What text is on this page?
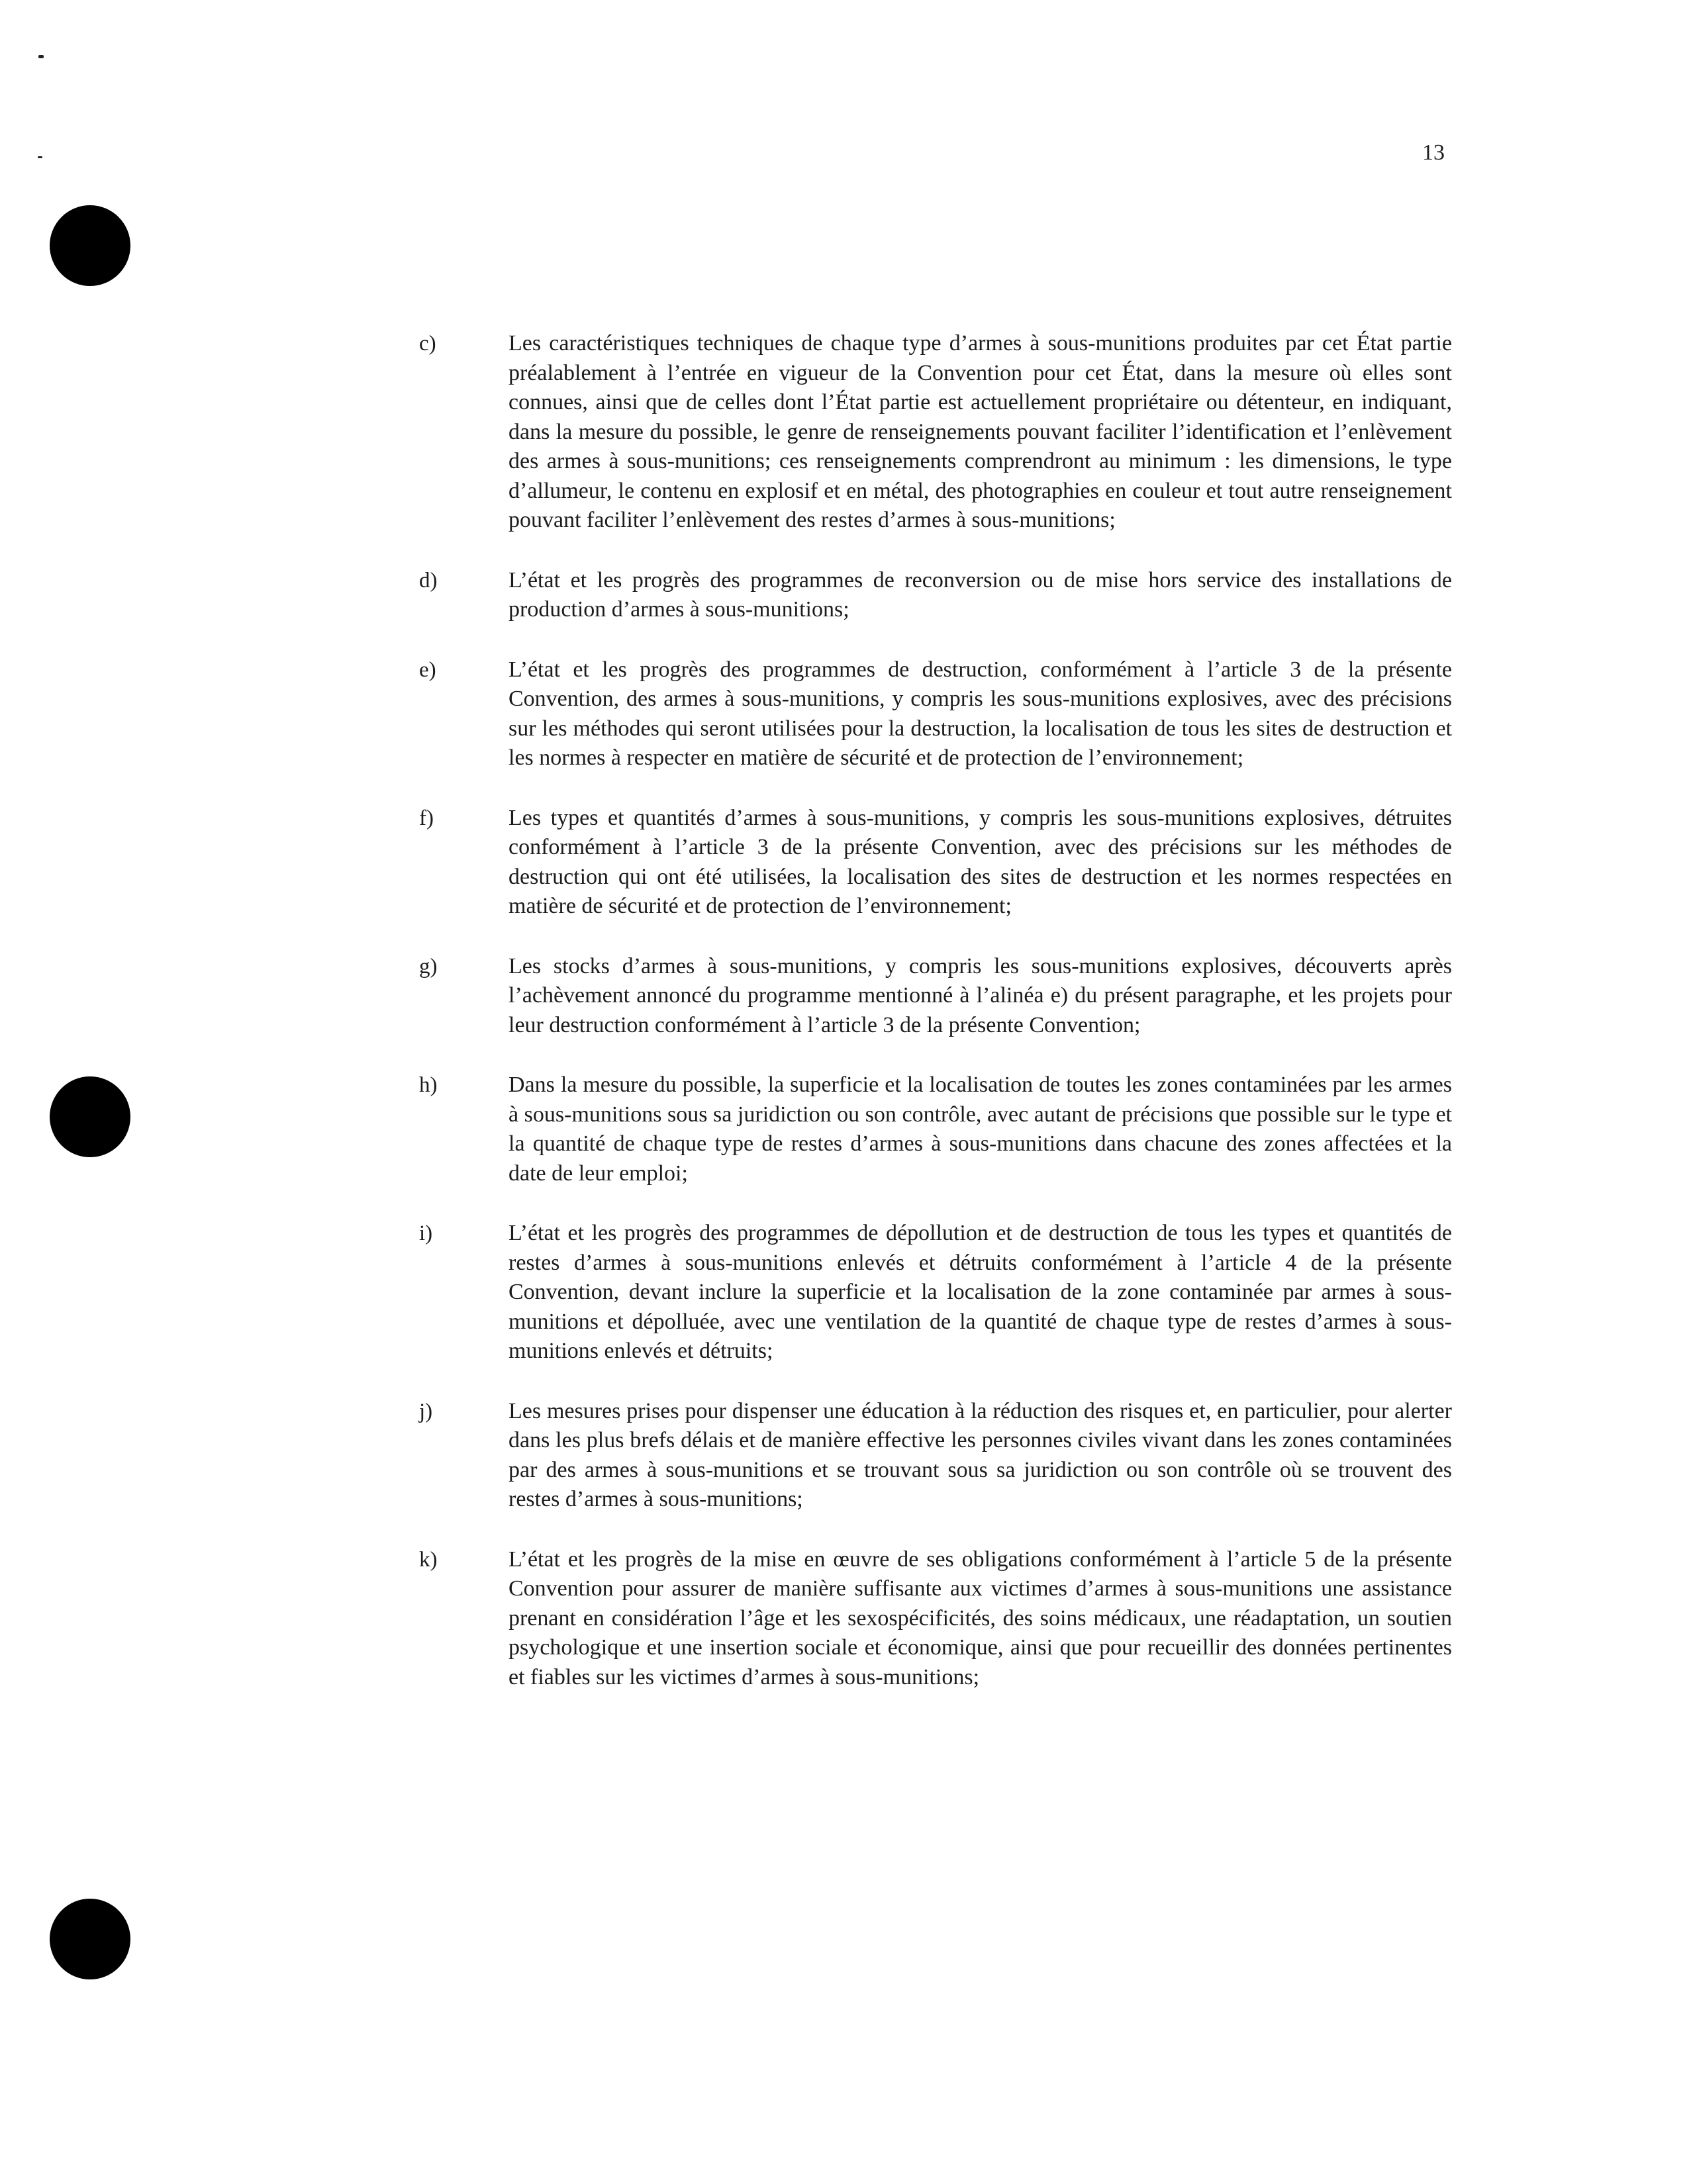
13
c)	Les caractéristiques techniques de chaque type d’armes à sous-munitions produites par cet État partie préalablement à l’entrée en vigueur de la Convention pour cet État, dans la mesure où elles sont connues, ainsi que de celles dont l’État partie est actuellement propriétaire ou détenteur, en indiquant, dans la mesure du possible, le genre de renseignements pouvant faciliter l’identification et l’enlèvement des armes à sous-munitions; ces renseignements comprendront au minimum : les dimensions, le type d’allumeur, le contenu en explosif et en métal, des photographies en couleur et tout autre renseignement pouvant faciliter l’enlèvement des restes d’armes à sous-munitions;
d)	L’état et les progrès des programmes de reconversion ou de mise hors service des installations de production d’armes à sous-munitions;
e)	L’état et les progrès des programmes de destruction, conformément à l’article 3 de la présente Convention, des armes à sous-munitions, y compris les sous-munitions explosives, avec des précisions sur les méthodes qui seront utilisées pour la destruction, la localisation de tous les sites de destruction et les normes à respecter en matière de sécurité et de protection de l’environnement;
f)	Les types et quantités d’armes à sous-munitions, y compris les sous-munitions explosives, détruites conformément à l’article 3 de la présente Convention, avec des précisions sur les méthodes de destruction qui ont été utilisées, la localisation des sites de destruction et les normes respectées en matière de sécurité et de protection de l’environnement;
g)	Les stocks d’armes à sous-munitions, y compris les sous-munitions explosives, découverts après l’achèvement annoncé du programme mentionné à l’alinéa e) du présent paragraphe, et les projets pour leur destruction conformément à l’article 3 de la présente Convention;
h)	Dans la mesure du possible, la superficie et la localisation de toutes les zones contaminées par les armes à sous-munitions sous sa juridiction ou son contrôle, avec autant de précisions que possible sur le type et la quantité de chaque type de restes d’armes à sous-munitions dans chacune des zones affectées et la date de leur emploi;
i)	L’état et les progrès des programmes de dépollution et de destruction de tous les types et quantités de restes d’armes à sous-munitions enlevés et détruits conformément à l’article 4 de la présente Convention, devant inclure la superficie et la localisation de la zone contaminée par armes à sous-munitions et dépolluée, avec une ventilation de la quantité de chaque type de restes d’armes à sous-munitions enlevés et détruits;
j)	Les mesures prises pour dispenser une éducation à la réduction des risques et, en particulier, pour alerter dans les plus brefs délais et de manière effective les personnes civiles vivant dans les zones contaminées par des armes à sous-munitions et se trouvant sous sa juridiction ou son contrôle où se trouvent des restes d’armes à sous-munitions;
k)	L’état et les progrès de la mise en œuvre de ses obligations conformément à l’article 5 de la présente Convention pour assurer de manière suffisante aux victimes d’armes à sous-munitions une assistance prenant en considération l’âge et les sexospécificités, des soins médicaux, une réadaptation, un soutien psychologique et une insertion sociale et économique, ainsi que pour recueillir des données pertinentes et fiables sur les victimes d’armes à sous-munitions;
